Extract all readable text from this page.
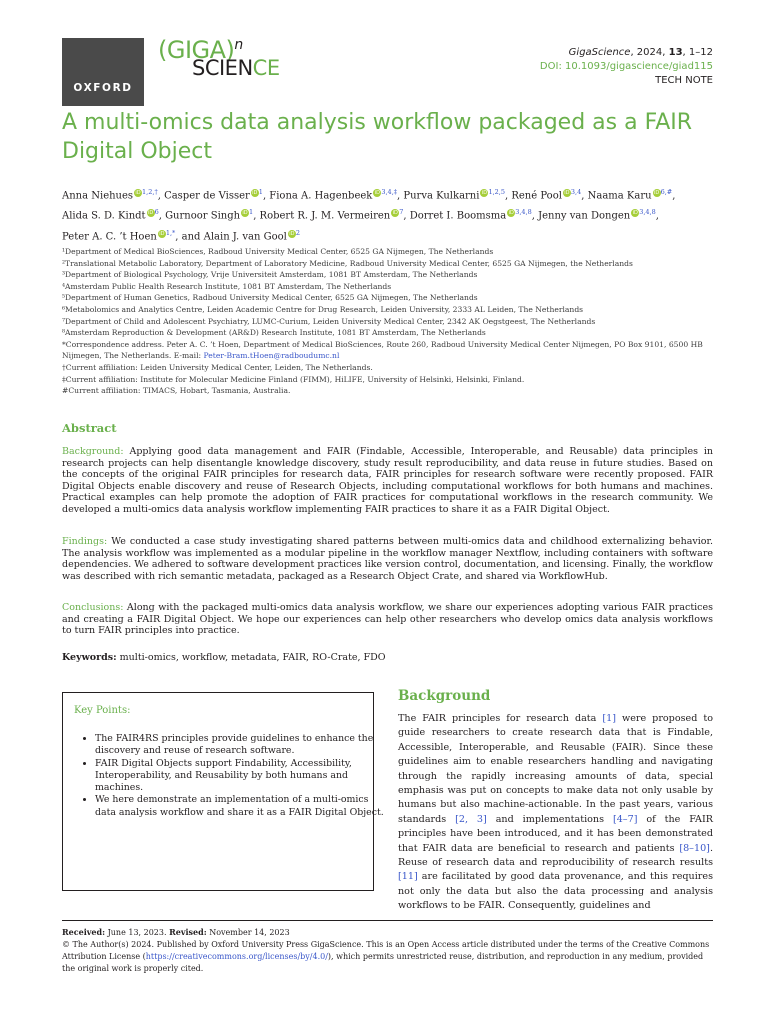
OXFORD
(GIGA)$^n$
SCIENCE
GigaScience, 2024, 13, 1–12
DOI: 10.1093/gigascience/giad115
TECH NOTE
A multi-omics data analysis workflow packaged as a FAIR Digital Object
Anna Niehues $iD^{1,2,\dagger}$, Casper de Visser $iD^1$, Fiona A. Hagenbeek $iD^{3,4,\ddagger}$, Purva Kulkarni iD$^{1,2,5}$, René Pool iD$^{3,4}$, Naama Karu $iD^{6,\#}$,
Alida S. D. Kindt $iD^6$, Gurnoor Singh $iD^1$, Robert R. J. M. Vermeiren $iD^7$, Dorret I. Boomsma iD$^{3,4,8}$, Jenny van Dongen iD$^{3,4,8}$,
Peter A. C. ’t Hoen $iD^{1,*}$, and Alain J. van Gool $iD^2$
¹Department of Medical BioSciences, Radboud University Medical Center, 6525 GA Nijmegen, The Netherlands
²Translational Metabolic Laboratory, Department of Laboratory Medicine, Radboud University Medical Center, 6525 GA Nijmegen, the Netherlands
³Department of Biological Psychology, Vrije Universiteit Amsterdam, 1081 BT Amsterdam, The Netherlands
⁴Amsterdam Public Health Research Institute, 1081 BT Amsterdam, The Netherlands
⁵Department of Human Genetics, Radboud University Medical Center, 6525 GA Nijmegen, The Netherlands
⁶Metabolomics and Analytics Centre, Leiden Academic Centre for Drug Research, Leiden University, 2333 AL Leiden, The Netherlands
⁷Department of Child and Adolescent Psychiatry, LUMC-Curium, Leiden University Medical Center, 2342 AK Oegstgeest, The Netherlands
⁸Amsterdam Reproduction & Development (AR&D) Research Institute, 1081 BT Amsterdam, The Netherlands
*Correspondence address. Peter A. C. ’t Hoen, Department of Medical BioSciences, Route 260, Radboud University Medical Center Nijmegen, PO Box 9101, 6500 HB Nijmegen, The Netherlands. E-mail: Peter-Bram.tHoen@radboudumc.nl
†Current affiliation: Leiden University Medical Center, Leiden, The Netherlands.
‡Current affiliation: Institute for Molecular Medicine Finland (FIMM), HiLIFE, University of Helsinki, Helsinki, Finland.
#Current affiliation: TIMACS, Hobart, Tasmania, Australia.
Abstract
Background: Applying good data management and FAIR (Findable, Accessible, Interoperable, and Reusable) data principles in research projects can help disentangle knowledge discovery, study result reproducibility, and data reuse in future studies. Based on the concepts of the original FAIR principles for research data, FAIR principles for research software were recently proposed. FAIR Digital Objects enable discovery and reuse of Research Objects, including computational workflows for both humans and machines. Practical examples can help promote the adoption of FAIR practices for computational workflows in the research community. We developed a multi-omics data analysis workflow implementing FAIR practices to share it as a FAIR Digital Object.
Findings: We conducted a case study investigating shared patterns between multi-omics data and childhood externalizing behavior. The analysis workflow was implemented as a modular pipeline in the workflow manager Nextflow, including containers with software dependencies. We adhered to software development practices like version control, documentation, and licensing. Finally, the workflow was described with rich semantic metadata, packaged as a Research Object Crate, and shared via WorkflowHub.
Conclusions: Along with the packaged multi-omics data analysis workflow, we share our experiences adopting various FAIR practices and creating a FAIR Digital Object. We hope our experiences can help other researchers who develop omics data analysis workflows to turn FAIR principles into practice.
Keywords: multi-omics, workflow, metadata, FAIR, RO-Crate, FDO
Key Points:
• The FAIR4RS principles provide guidelines to enhance the discovery and reuse of research software.
• FAIR Digital Objects support Findability, Accessibility, Interoperability, and Reusability by both humans and machines.
• We here demonstrate an implementation of a multi-omics data analysis workflow and share it as a FAIR Digital Object.
Background
The FAIR principles for research data [1] were proposed to guide researchers to create research data that is Findable, Accessible, Interoperable, and Reusable (FAIR). Since these guidelines aim to enable researchers handling and navigating through the rapidly increasing amounts of data, special emphasis was put on concepts to make data not only usable by humans but also machine-actionable. In the past years, various standards [2, 3] and implementations [4–7] of the FAIR principles have been introduced, and it has been demonstrated that FAIR data are beneficial to research and patients [8–10]. Reuse of research data and reproducibility of research results [11] are facilitated by good data provenance, and this requires not only the data but also the data processing and analysis workflows to be FAIR. Consequently, guidelines and
Received: June 13, 2023. Revised: November 14, 2023
© The Author(s) 2024. Published by Oxford University Press GigaScience. This is an Open Access article distributed under the terms of the Creative Commons Attribution License (https://creativecommons.org/licenses/by/4.0/), which permits unrestricted reuse, distribution, and reproduction in any medium, provided the original work is properly cited.
